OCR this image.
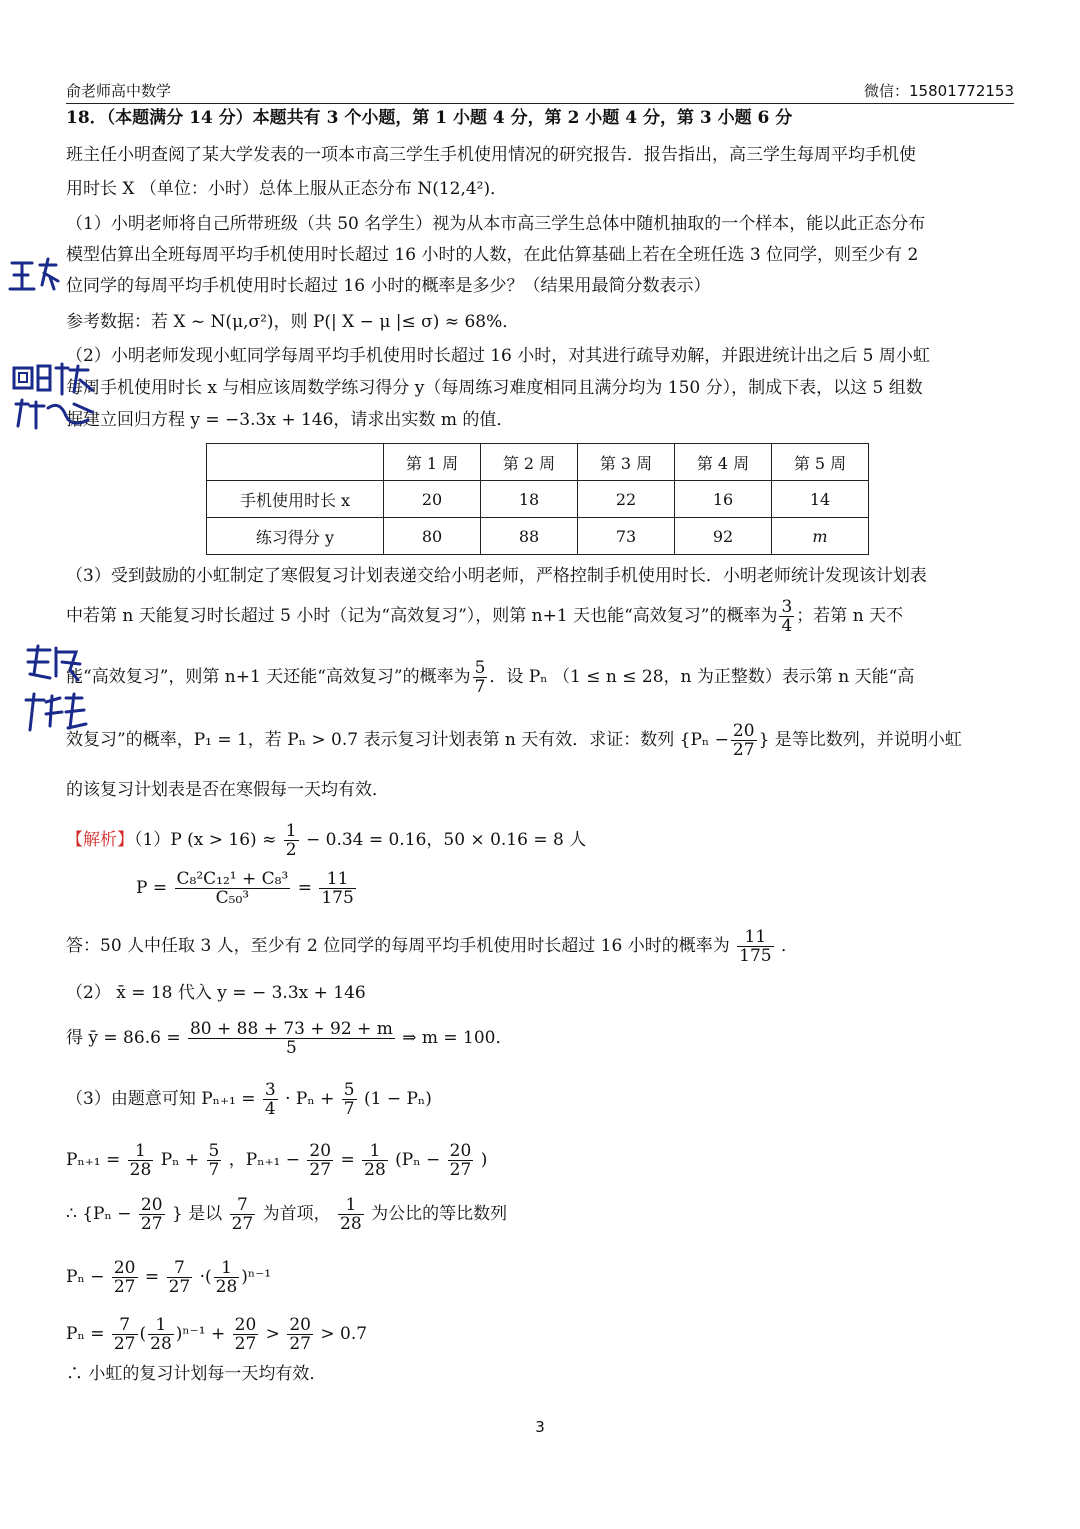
俞老师高中数学	微信：15801772153
18．（本题满分 14 分）本题共有 3 个小题，第 1 小题 4 分，第 2 小题 4 分，第 3 小题 6 分
班主任小明查阅了某大学发表的一项本市高三学生手机使用情况的研究报告．报告指出，高三学生每周平均手机使
用时长 X （单位：小时）总体上服从正态分布 N(12,4²)．
（1）小明老师将自己所带班级（共 50 名学生）视为从本市高三学生总体中随机抽取的一个样本，能以此正态分布
模型估算出全班每周平均手机使用时长超过 16 小时的人数，在此估算基础上若在全班任选 3 位同学，则至少有 2
位同学的每周平均手机使用时长超过 16 小时的概率是多少？（结果用最简分数表示）
参考数据：若 X ~ N(μ,σ²)，则 P(| X − μ |≤ σ) ≈ 68%．
（2）小明老师发现小虹同学每周平均手机使用时长超过 16 小时，对其进行疏导劝解，并跟进统计出之后 5 周小虹
每周手机使用时长 x 与相应该周数学练习得分 y（每周练习难度相同且满分均为 150 分），制成下表，以这 5 组数
据建立回归方程 y = −3.3x + 146，请求出实数 m 的值．
	第 1 周	第 2 周	第 3 周	第 4 周	第 5 周
手机使用时长 x	20	18	22	16	14
练习得分 y	80	88	73	92	m
（3）受到鼓励的小虹制定了寒假复习计划表递交给小明老师，严格控制手机使用时长．小明老师统计发现该计划表
中若第 n 天能复习时长超过 5 小时（记为“高效复习”），则第 n+1 天也能“高效复习”的概率为 $\frac{3}{4}$ ；若第 n 天不
能“高效复习”，则第 n+1 天还能“高效复习”的概率为 $\frac{5}{7}$ ．设 Pₙ （1 ≤ n ≤ 28，n 为正整数）表示第 n 天能“高
效复习”的概率，P₁ = 1，若 Pₙ > 0.7 表示复习计划表第 n 天有效．求证：数列 {$P_n - \frac{20}{27}$ } 是等比数列，并说明小虹
的该复习计划表是否在寒假每一天均有效．
【解析】（1）P $(x > 16) \approx \frac{1}{2} - 0.34 = 0.16$，50 × 0.16 = 8 人
$P = \frac{\text{C₈²C₁₂¹ + C₈³}}{\text{C₅₀³}} = \frac{11}{175}$
答：50 人中任取 3 人，至少有 2 位同学的每周平均手机使用时长超过 16 小时的概率为 $\frac{11}{175}$ ．
（2） x̄ = 18 代入 y = − 3.3x + 146
得 ȳ = $86.6 = \frac{80 + 88 + 73 + 92 + m}{5}$ ⇒ m = 100．
（3）由题意可知 $P_{n+1} = \frac{3}{4} \cdot P_n + \frac{5}{7} (1 - P_n)$
$P_{n+1} = \frac{1}{28}$ $P_n + \frac{5}{7}$ ，$P_{n+1} - \frac{20}{27} = \frac{1}{28} (P_n - \frac{20}{27}$ )
∴ {$P_n - \frac{20}{27}$ } 是以 $\frac{7}{27}$ 为首项， $\frac{1}{28}$ 为公比的等比数列
$P_n - \frac{20}{27} = \frac{7}{27}$ ·( $\frac{1}{28} )^{n-1}$
$P_n = \frac{7}{27}$ ( $\frac{1}{28} )^{n-1} + \frac{20}{27} > \frac{20}{27} > 0.7$
∴ 小虹的复习计划每一天均有效．
3
